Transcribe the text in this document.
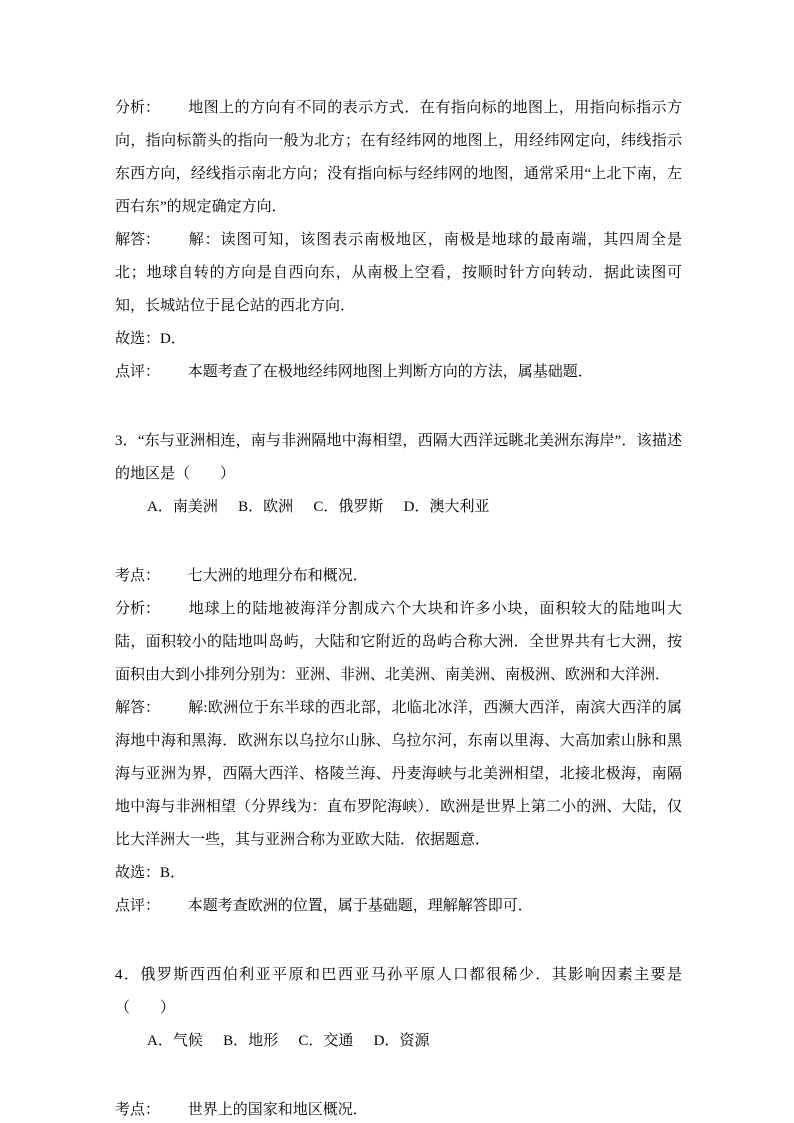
分析： 地图上的方向有不同的表示方式．在有指向标的地图上，用指向标指示方向，指向标箭头的指向一般为北方；在有经纬网的地图上，用经纬网定向，纬线指示东西方向，经线指示南北方向；没有指向标与经纬网的地图，通常采用“上北下南，左西右东”的规定确定方向．

解答： 解：读图可知，该图表示南极地区，南极是地球的最南端，其四周全是北；地球自转的方向是自西向东，从南极上空看，按顺时针方向转动．据此读图可知，长城站位于昆仑站的西北方向．

故选：D．

点评： 本题考查了在极地经纬网地图上判断方向的方法，属基础题．

3．“东与亚洲相连，南与非洲隔地中海相望，西隔大西洋远眺北美洲东海岸”．该描述的地区是（　　）

A．南美洲 B．欧洲 C．俄罗斯 D．澳大利亚

考点： 七大洲的地理分布和概况．

分析： 地球上的陆地被海洋分割成六个大块和许多小块，面积较大的陆地叫大陆，面积较小的陆地叫岛屿，大陆和它附近的岛屿合称大洲．全世界共有七大洲，按面积由大到小排列分别为：亚洲、非洲、北美洲、南美洲、南极洲、欧洲和大洋洲．

解答： 解:欧洲位于东半球的西北部，北临北冰洋，西濒大西洋，南滨大西洋的属海地中海和黑海．欧洲东以乌拉尔山脉、乌拉尔河，东南以里海、大高加索山脉和黑海与亚洲为界，西隔大西洋、格陵兰海、丹麦海峡与北美洲相望，北接北极海，南隔地中海与非洲相望（分界线为：直布罗陀海峡）．欧洲是世界上第二小的洲、大陆，仅比大洋洲大一些，其与亚洲合称为亚欧大陆．依据题意．

故选：B．

点评： 本题考查欧洲的位置，属于基础题，理解解答即可．

4．俄罗斯西西伯利亚平原和巴西亚马孙平原人口都很稀少．其影响因素主要是（　　）

A．气候 B．地形 C．交通 D．资源

考点： 世界上的国家和地区概况．
